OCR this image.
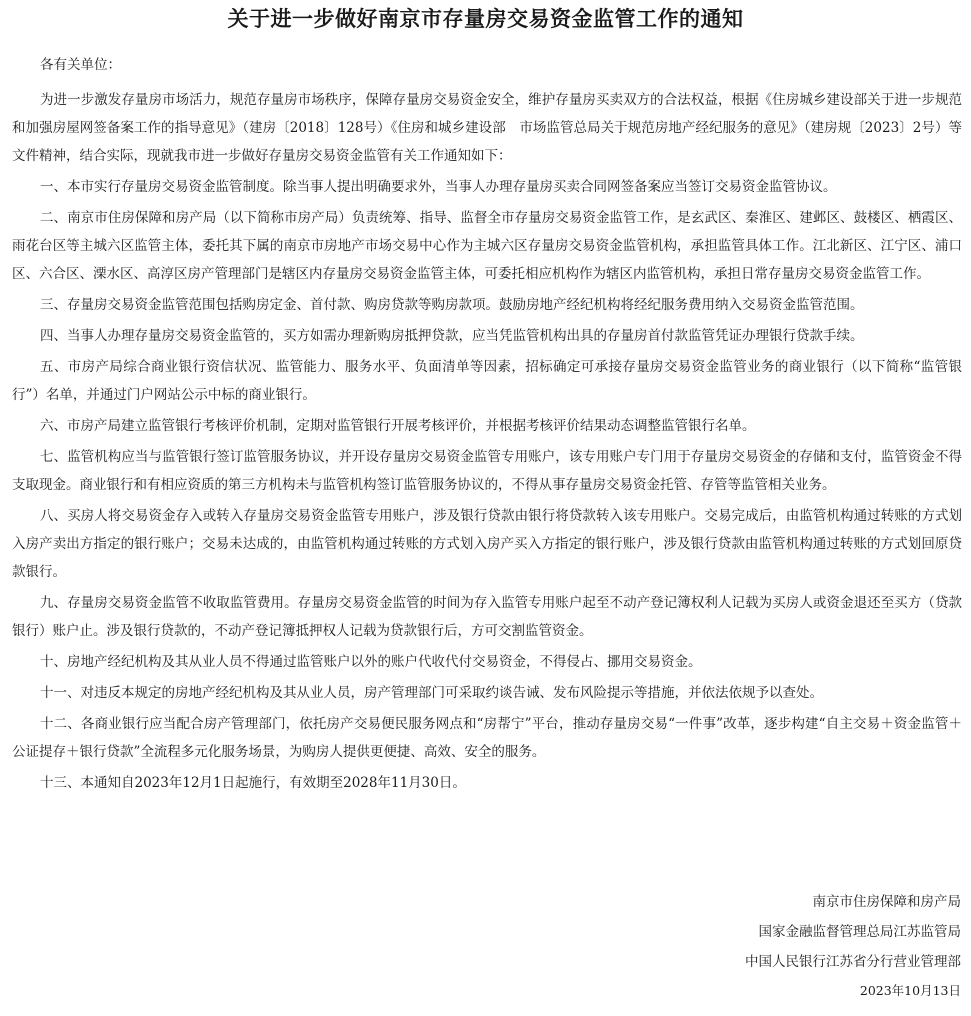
关于进一步做好南京市存量房交易资金监管工作的通知
各有关单位：

为进一步激发存量房市场活力，规范存量房市场秩序，保障存量房交易资金安全，维护存量房买卖双方的合法权益，根据《住房城乡建设部关于进一步规范和加强房屋网签备案工作的指导意见》（建房〔2018〕128号）《住房和城乡建设部　市场监管总局关于规范房地产经纪服务的意见》（建房规〔2023〕2号）等文件精神，结合实际，现就我市进一步做好存量房交易资金监管有关工作通知如下：

一、本市实行存量房交易资金监管制度。除当事人提出明确要求外，当事人办理存量房买卖合同网签备案应当签订交易资金监管协议。

二、南京市住房保障和房产局（以下简称市房产局）负责统筹、指导、监督全市存量房交易资金监管工作，是玄武区、秦淮区、建邺区、鼓楼区、栖霞区、雨花台区等主城六区监管主体，委托其下属的南京市房地产市场交易中心作为主城六区存量房交易资金监管机构，承担监管具体工作。江北新区、江宁区、浦口区、六合区、溧水区、高淳区房产管理部门是辖区内存量房交易资金监管主体，可委托相应机构作为辖区内监管机构，承担日常存量房交易资金监管工作。

三、存量房交易资金监管范围包括购房定金、首付款、购房贷款等购房款项。鼓励房地产经纪机构将经纪服务费用纳入交易资金监管范围。

四、当事人办理存量房交易资金监管的，买方如需办理新购房抵押贷款，应当凭监管机构出具的存量房首付款监管凭证办理银行贷款手续。

五、市房产局综合商业银行资信状况、监管能力、服务水平、负面清单等因素，招标确定可承接存量房交易资金监管业务的商业银行（以下简称“监管银行”）名单，并通过门户网站公示中标的商业银行。

六、市房产局建立监管银行考核评价机制，定期对监管银行开展考核评价，并根据考核评价结果动态调整监管银行名单。

七、监管机构应当与监管银行签订监管服务协议，并开设存量房交易资金监管专用账户，该专用账户专门用于存量房交易资金的存储和支付，监管资金不得支取现金。商业银行和有相应资质的第三方机构未与监管机构签订监管服务协议的，不得从事存量房交易资金托管、存管等监管相关业务。

八、买房人将交易资金存入或转入存量房交易资金监管专用账户，涉及银行贷款由银行将贷款转入该专用账户。交易完成后，由监管机构通过转账的方式划入房产卖出方指定的银行账户；交易未达成的，由监管机构通过转账的方式划入房产买入方指定的银行账户，涉及银行贷款由监管机构通过转账的方式划回原贷款银行。

九、存量房交易资金监管不收取监管费用。存量房交易资金监管的时间为存入监管专用账户起至不动产登记簿权利人记载为买房人或资金退还至买方（贷款银行）账户止。涉及银行贷款的，不动产登记簿抵押权人记载为贷款银行后，方可交割监管资金。

十、房地产经纪机构及其从业人员不得通过监管账户以外的账户代收代付交易资金，不得侵占、挪用交易资金。

十一、对违反本规定的房地产经纪机构及其从业人员，房产管理部门可采取约谈告诫、发布风险提示等措施，并依法依规予以查处。

十二、各商业银行应当配合房产管理部门，依托房产交易便民服务网点和“房帮宁”平台，推动存量房交易“一件事”改革，逐步构建“自主交易＋资金监管＋公证提存＋银行贷款”全流程多元化服务场景，为购房人提供更便捷、高效、安全的服务。

十三、本通知自2023年12月1日起施行，有效期至2028年11月30日。

南京市住房保障和房产局
国家金融监督管理总局江苏监管局
中国人民银行江苏省分行营业管理部
2023年10月13日
